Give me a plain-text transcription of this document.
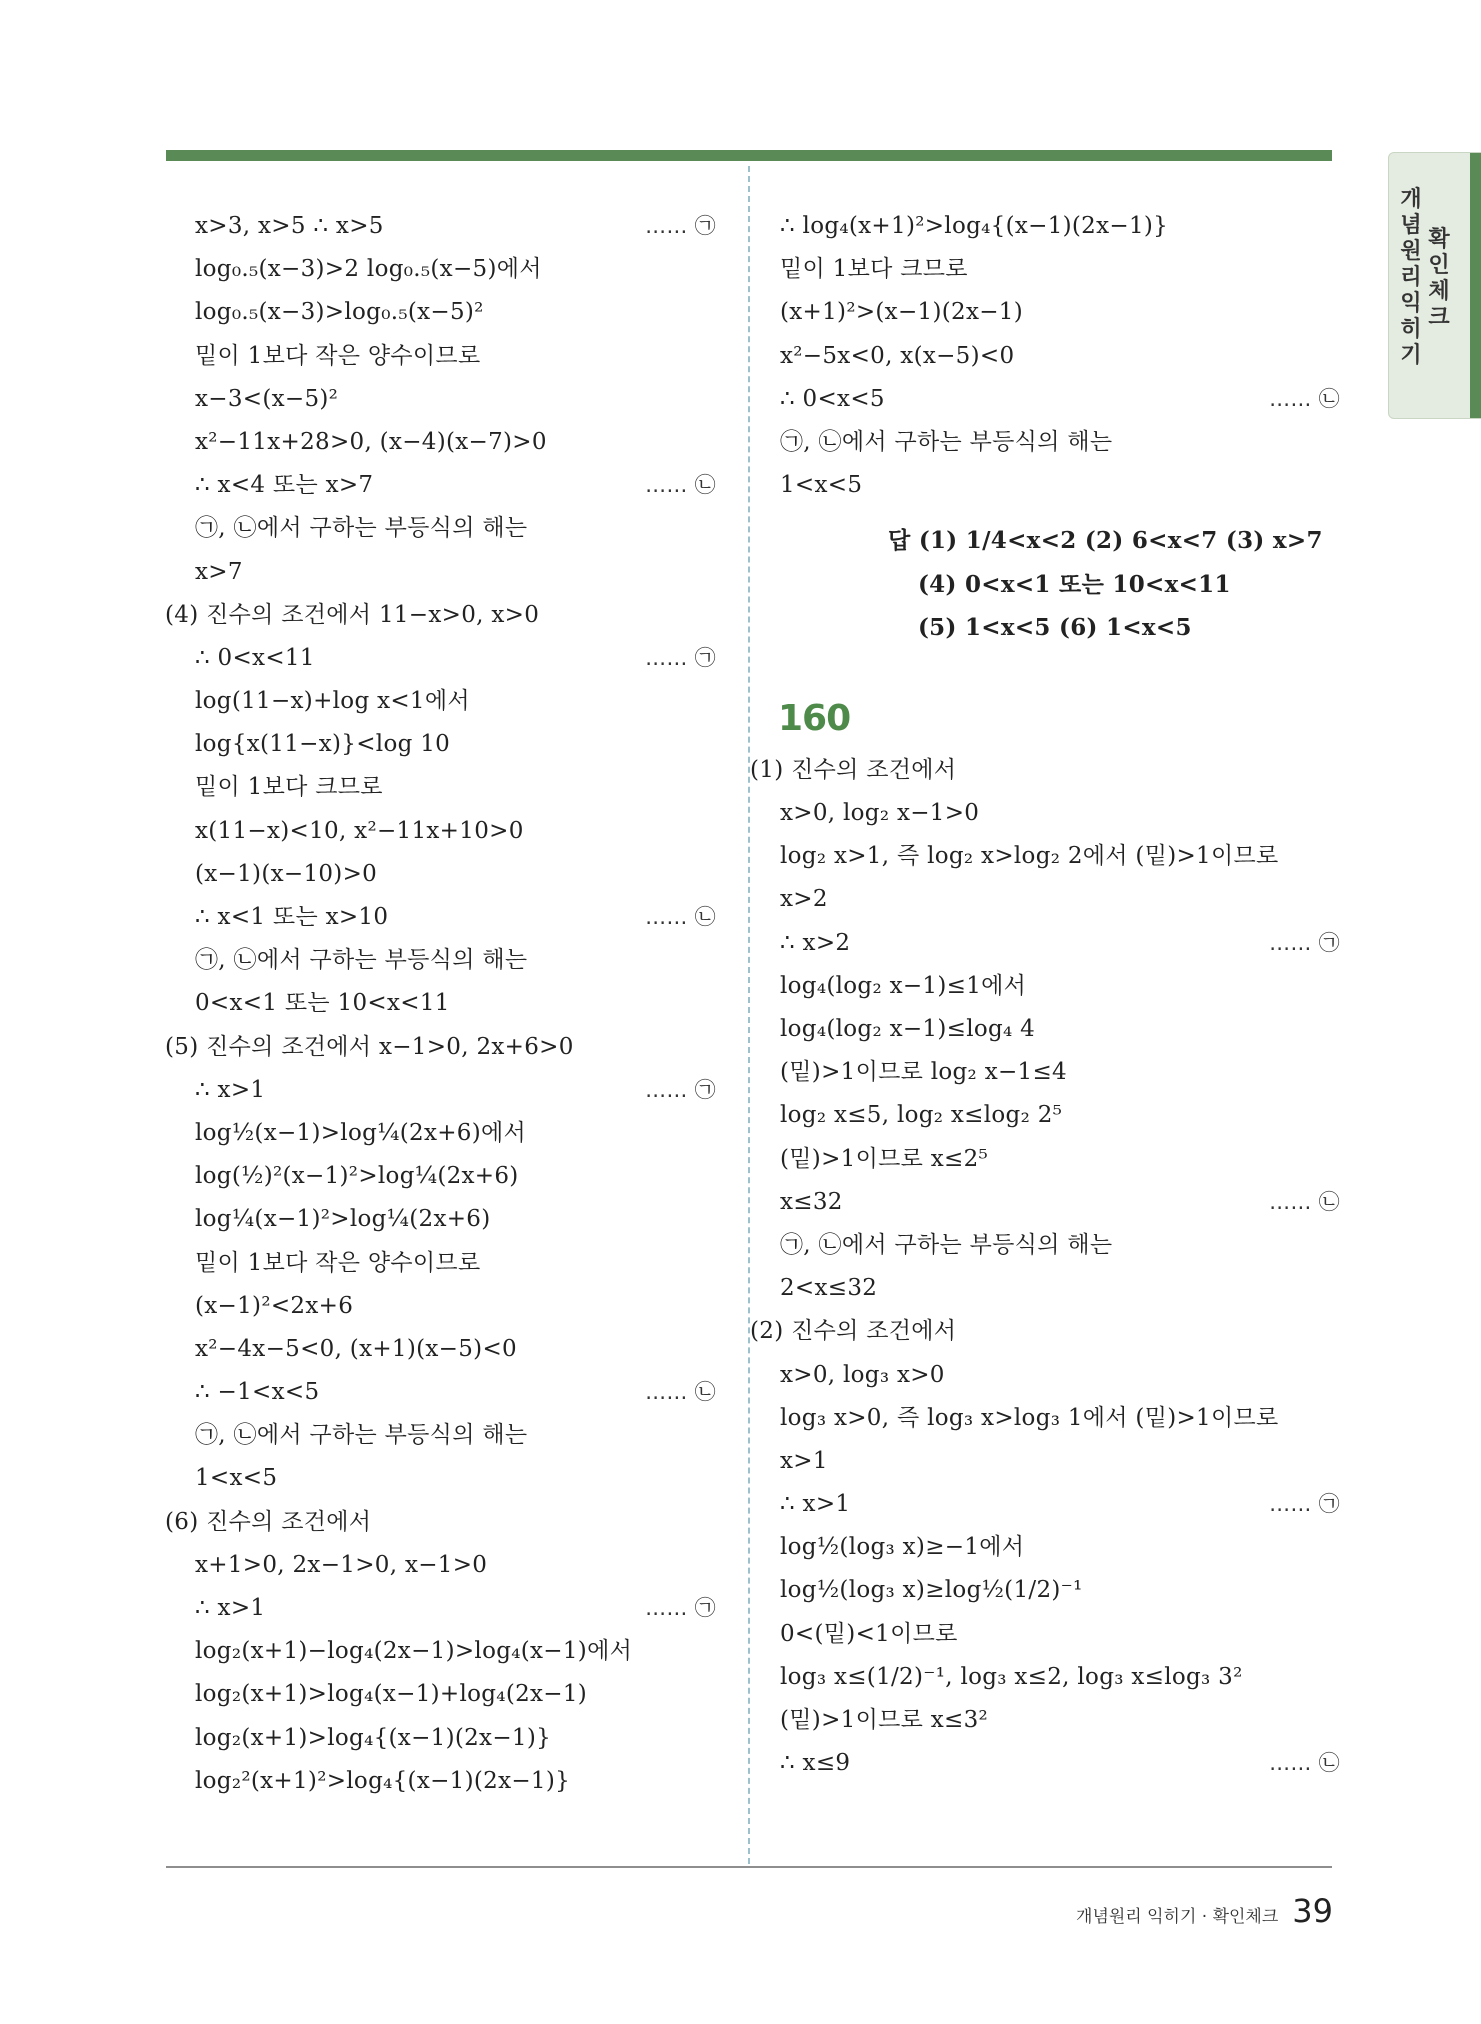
개념원리 익히기
확인체크
x>3, x>5 ∴ x>5	…… ㉠
log₀.₅(x−3)>2 log₀.₅(x−5)에서
log₀.₅(x−3)>log₀.₅(x−5)²
밑이 1보다 작은 양수이므로
x−3<(x−5)²
x²−11x+28>0, (x−4)(x−7)>0
∴ x<4 또는 x>7	…… ㉡
㉠, ㉡에서 구하는 부등식의 해는
x>7
(4) 진수의 조건에서 11−x>0, x>0
∴ 0<x<11	…… ㉠
log(11−x)+log x<1에서
log{x(11−x)}<log 10
밑이 1보다 크므로
x(11−x)<10, x²−11x+10>0
(x−1)(x−10)>0
∴ x<1 또는 x>10	…… ㉡
㉠, ㉡에서 구하는 부등식의 해는
0<x<1 또는 10<x<11
(5) 진수의 조건에서 x−1>0, 2x+6>0
∴ x>1	…… ㉠
log½(x−1)>log¼(2x+6)에서
log(½)²(x−1)²>log¼(2x+6)
log¼(x−1)²>log¼(2x+6)
밑이 1보다 작은 양수이므로
(x−1)²<2x+6
x²−4x−5<0, (x+1)(x−5)<0
∴ −1<x<5	…… ㉡
㉠, ㉡에서 구하는 부등식의 해는
1<x<5
(6) 진수의 조건에서
x+1>0, 2x−1>0, x−1>0
∴ x>1	…… ㉠
log₂(x+1)−log₄(2x−1)>log₄(x−1)에서
log₂(x+1)>log₄(x−1)+log₄(2x−1)
log₂(x+1)>log₄{(x−1)(2x−1)}
log₂²(x+1)²>log₄{(x−1)(2x−1)}
∴ log₄(x+1)²>log₄{(x−1)(2x−1)}
밑이 1보다 크므로
(x+1)²>(x−1)(2x−1)
x²−5x<0, x(x−5)<0
∴ 0<x<5	…… ㉡
㉠, ㉡에서 구하는 부등식의 해는
1<x<5
답 (1) 1/4<x<2 (2) 6<x<7 (3) x>7
(4) 0<x<1 또는 10<x<11
(5) 1<x<5 (6) 1<x<5
160
(1) 진수의 조건에서
x>0, log₂ x−1>0
log₂ x>1, 즉 log₂ x>log₂ 2에서 (밑)>1이므로
x>2
∴ x>2	…… ㉠
log₄(log₂ x−1)≤1에서
log₄(log₂ x−1)≤log₄ 4
(밑)>1이므로 log₂ x−1≤4
log₂ x≤5, log₂ x≤log₂ 2⁵
(밑)>1이므로 x≤2⁵
x≤32	…… ㉡
㉠, ㉡에서 구하는 부등식의 해는
2<x≤32
(2) 진수의 조건에서
x>0, log₃ x>0
log₃ x>0, 즉 log₃ x>log₃ 1에서 (밑)>1이므로
x>1
∴ x>1	…… ㉠
log½(log₃ x)≥−1에서
log½(log₃ x)≥log½(1/2)⁻¹
0<(밑)<1이므로
log₃ x≤(1/2)⁻¹, log₃ x≤2, log₃ x≤log₃ 3²
(밑)>1이므로 x≤3²
∴ x≤9	…… ㉡
개념원리 익히기 · 확인체크 39
